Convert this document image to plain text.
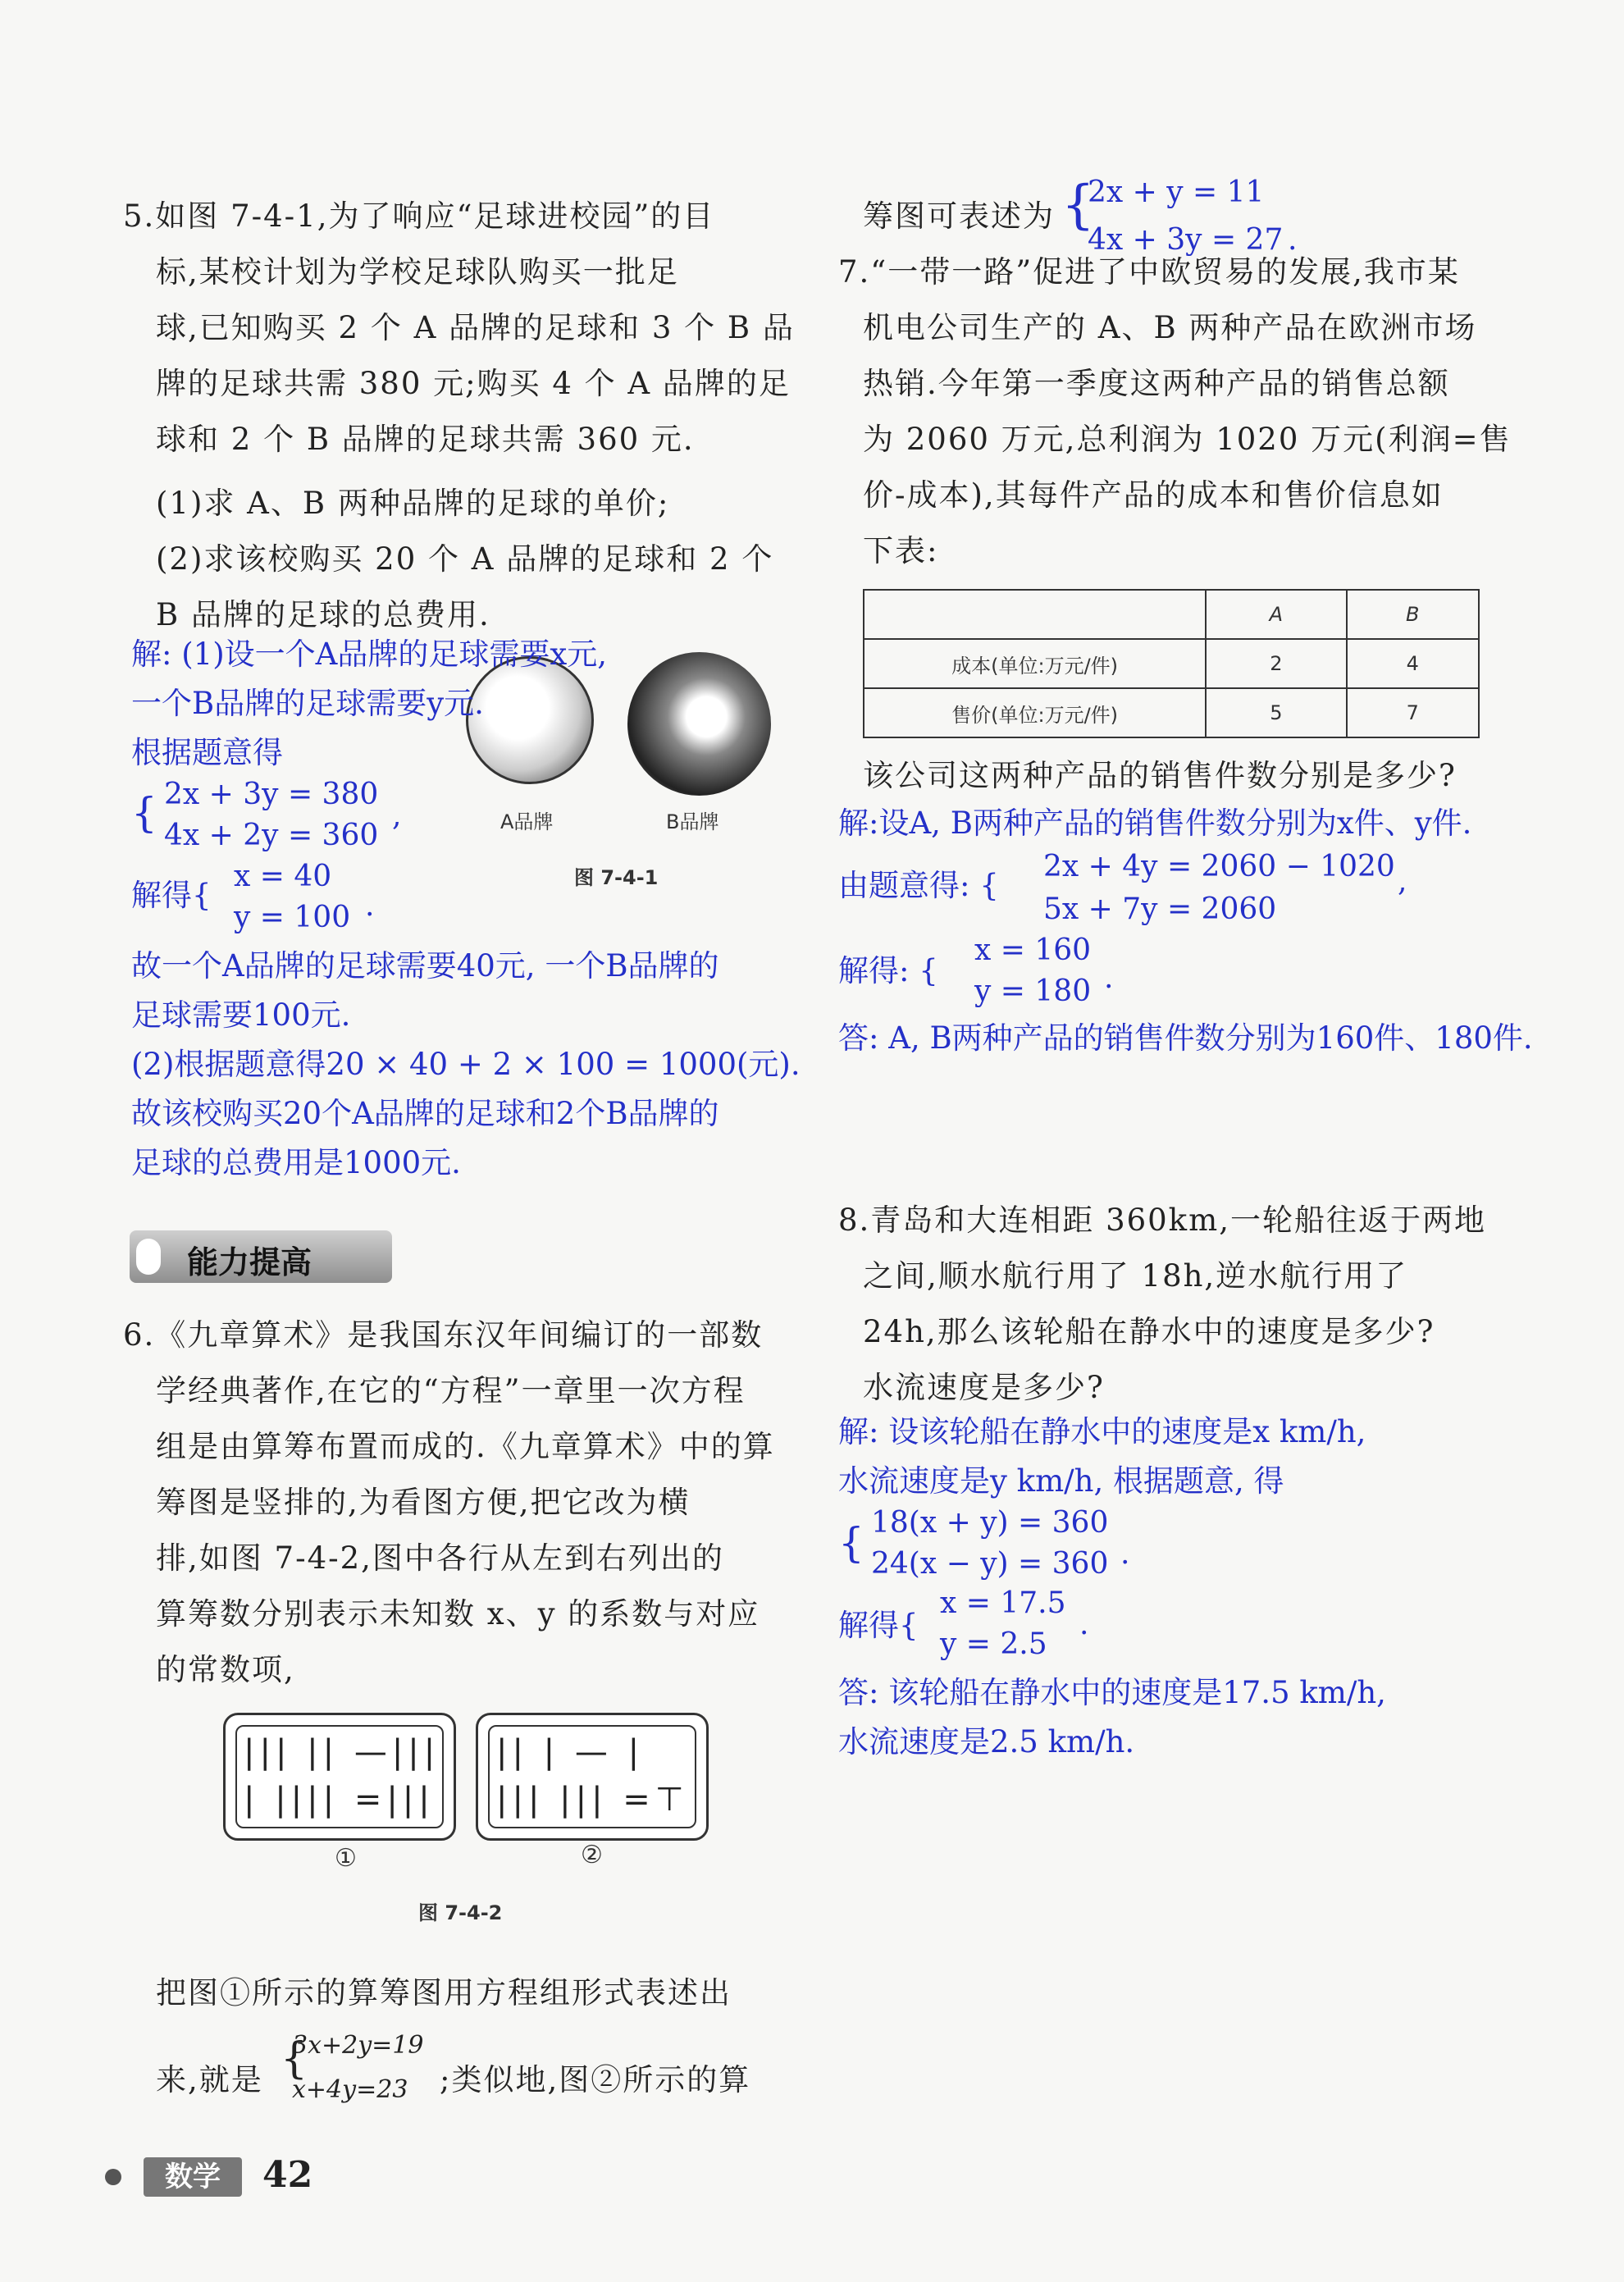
5.如图 7-4-1,为了响应“足球进校园”的目
标,某校计划为学校足球队购买一批足
球,已知购买 2 个 A 品牌的足球和 3 个 B 品
牌的足球共需 380 元;购买 4 个 A 品牌的足
球和 2 个 B 品牌的足球共需 360 元.
(1)求 A、B 两种品牌的足球的单价;
(2)求该校购买 20 个 A 品牌的足球和 2 个
B 品牌的足球的总费用.
A品牌	B品牌
图 7-4-1
解: (1)设一个A品牌的足球需要x元,
一个B品牌的足球需要y元.
根据题意得
{ 2x + 3y = 380
4x + 2y = 360
,
解得{
x = 40
y = 100 .
故一个A品牌的足球需要40元, 一个B品牌的
足球需要100元.
(2)根据题意得20 × 40 + 2 × 100 = 1000(元).
故该校购买20个A品牌的足球和2个B品牌的
足球的总费用是1000元.
能力提高
6.《九章算术》是我国东汉年间编订的一部数
学经典著作,在它的“方程”一章里一次方程
组是由算筹布置而成的.《九章算术》中的算
筹图是竖排的,为看图方便,把它改为横
排,如图 7-4-2,图中各行从左到右列出的
算筹数分别表示未知数 x、y 的系数与对应
的常数项,
||| || —|||
| |||| =|||
|| | — |
||| ||| =⊤
①	②
图 7-4-2
把图①所示的算筹图用方程组形式表述出
来,就是 {
3x+2y=19
x+4y=23 ;类似地,图②所示的算
筹图可表述为 {
2x + y = 11
4x + 3y = 27 .
7.“一带一路”促进了中欧贸易的发展,我市某
机电公司生产的 A、B 两种产品在欧洲市场
热销.今年第一季度这两种产品的销售总额
为 2060 万元,总利润为 1020 万元(利润=售
价-成本),其每件产品的成本和售价信息如
下表:
	A	B
成本(单位:万元/件)	2	4
售价(单位:万元/件)	5	7
该公司这两种产品的销售件数分别是多少?
解:设A, B两种产品的销售件数分别为x件、y件.
由题意得: {
2x + 4y = 2060 − 1020
5x + 7y = 2060
,
解得: {
x = 160
y = 180 .
答: A, B两种产品的销售件数分别为160件、180件.
8.青岛和大连相距 360km,一轮船往返于两地
之间,顺水航行用了 18h,逆水航行用了
24h,那么该轮船在静水中的速度是多少?
水流速度是多少?
解: 设该轮船在静水中的速度是x km/h,
水流速度是y km/h, 根据题意, 得
{ 18(x + y) = 360
24(x − y) = 360 .
解得{
x = 17.5
y = 2.5
.
答: 该轮船在静水中的速度是17.5 km/h,
水流速度是2.5 km/h.
数学	42
